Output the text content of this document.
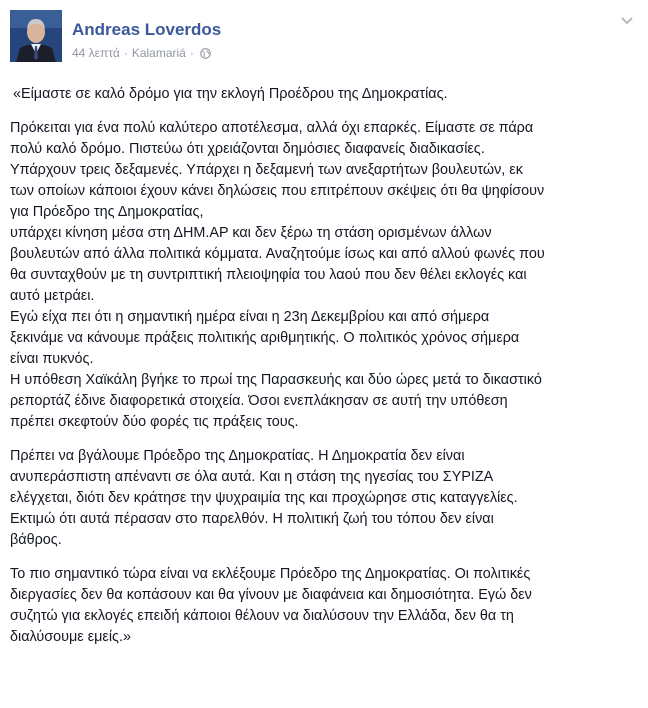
Andreas Loverdos
44 λεπτά · Kalamariá ·

«Είμαστε σε καλό δρόμο για την εκλογή Προέδρου της Δημοκρατίας.

Πρόκειται για ένα πολύ καλύτερο αποτέλεσμα, αλλά όχι επαρκές. Είμαστε σε πάρα
πολύ καλό δρόμο. Πιστεύω ότι χρειάζονται δημόσιες διαφανείς διαδικασίες.
Υπάρχουν τρεις δεξαμενές. Υπάρχει η δεξαμενή των ανεξαρτήτων βουλευτών, εκ
των οποίων κάποιοι έχουν κάνει δηλώσεις που επιτρέπουν σκέψεις ότι θα ψηφίσουν
για Πρόεδρο της Δημοκρατίας,
υπάρχει κίνηση μέσα στη ΔΗΜ.ΑΡ και δεν ξέρω τη στάση ορισμένων άλλων
βουλευτών από άλλα πολιτικά κόμματα. Αναζητούμε ίσως και από αλλού φωνές που
θα συνταχθούν με τη συντριπτική πλειοψηφία του λαού που δεν θέλει εκλογές και
αυτό μετράει.
Εγώ είχα πει ότι η σημαντική ημέρα είναι η 23η Δεκεμβρίου και από σήμερα
ξεκινάμε να κάνουμε πράξεις πολιτικής αριθμητικής. Ο πολιτικός χρόνος σήμερα
είναι πυκνός.
Η υπόθεση Χαϊκάλη βγήκε το πρωί της Παρασκευής και δύο ώρες μετά το δικαστικό
ρεπορτάζ έδινε διαφορετικά στοιχεία. Όσοι ενεπλάκησαν σε αυτή την υπόθεση
πρέπει σκεφτούν δύο φορές τις πράξεις τους.

Πρέπει να βγάλουμε Πρόεδρο της Δημοκρατίας. Η Δημοκρατία δεν είναι
ανυπεράσπιστη απέναντι σε όλα αυτά. Και η στάση της ηγεσίας του ΣΥΡΙΖΑ
ελέγχεται, διότι δεν κράτησε την ψυχραιμία της και προχώρησε στις καταγγελίες.
Εκτιμώ ότι αυτά πέρασαν στο παρελθόν. Η πολιτική ζωή του τόπου δεν είναι
βάθρος.

Το πιο σημαντικό τώρα είναι να εκλέξουμε Πρόεδρο της Δημοκρατίας. Οι πολιτικές
διεργασίες δεν θα κοπάσουν και θα γίνουν με διαφάνεια και δημοσιότητα. Εγώ δεν
συζητώ για εκλογές επειδή κάποιοι θέλουν να διαλύσουν την Ελλάδα, δεν θα τη
διαλύσουμε εμείς.»
